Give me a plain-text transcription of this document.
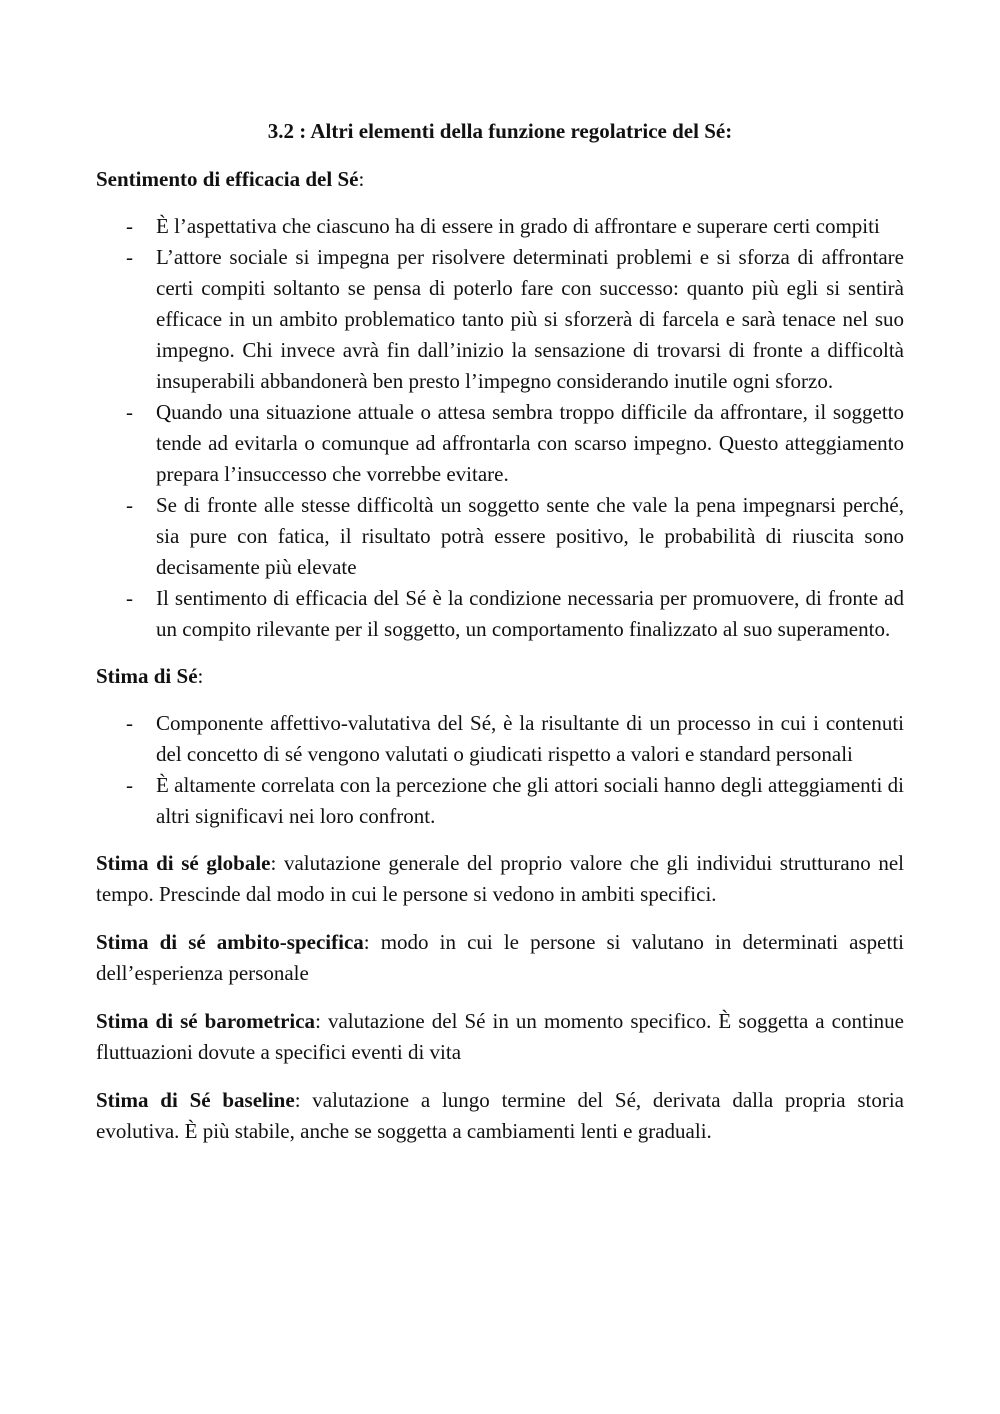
3.2 : Altri elementi della funzione regolatrice del Sé:
Sentimento di efficacia del Sé:
- È l’aspettativa che ciascuno ha di essere in grado di affrontare e superare certi compiti
- L’attore sociale si impegna per risolvere determinati problemi e si sforza di affrontare certi compiti soltanto se pensa di poterlo fare con successo: quanto più egli si sentirà efficace in un ambito problematico tanto più si sforzerà di farcela e sarà tenace nel suo impegno. Chi invece avrà fin dall’inizio la sensazione di trovarsi di fronte a difficoltà insuperabili abbandonerà ben presto l’impegno considerando inutile ogni sforzo.
- Quando una situazione attuale o attesa sembra troppo difficile da affrontare, il soggetto tende ad evitarla o comunque ad affrontarla con scarso impegno. Questo atteggiamento prepara l’insuccesso che vorrebbe evitare.
- Se di fronte alle stesse difficoltà un soggetto sente che vale la pena impegnarsi perché, sia pure con fatica, il risultato potrà essere positivo, le probabilità di riuscita sono decisamente più elevate
- Il sentimento di efficacia del Sé è la condizione necessaria per promuovere, di fronte ad un compito rilevante per il soggetto, un comportamento finalizzato al suo superamento.
Stima di Sé:
- Componente affettivo-valutativa del Sé, è la risultante di un processo in cui i contenuti del concetto di sé vengono valutati o giudicati rispetto a valori e standard personali
- È altamente correlata con la percezione che gli attori sociali hanno degli atteggiamenti di altri significavi nei loro confront.

Stima di sé globale: valutazione generale del proprio valore che gli individui strutturano nel tempo. Prescinde dal modo in cui le persone si vedono in ambiti specifici.

Stima di sé ambito-specifica: modo in cui le persone si valutano in determinati aspetti dell’esperienza personale

Stima di sé barometrica: valutazione del Sé in un momento specifico. È soggetta a continue fluttuazioni dovute a specifici eventi di vita

Stima di Sé baseline: valutazione a lungo termine del Sé, derivata dalla propria storia evolutiva. È più stabile, anche se soggetta a cambiamenti lenti e graduali.
